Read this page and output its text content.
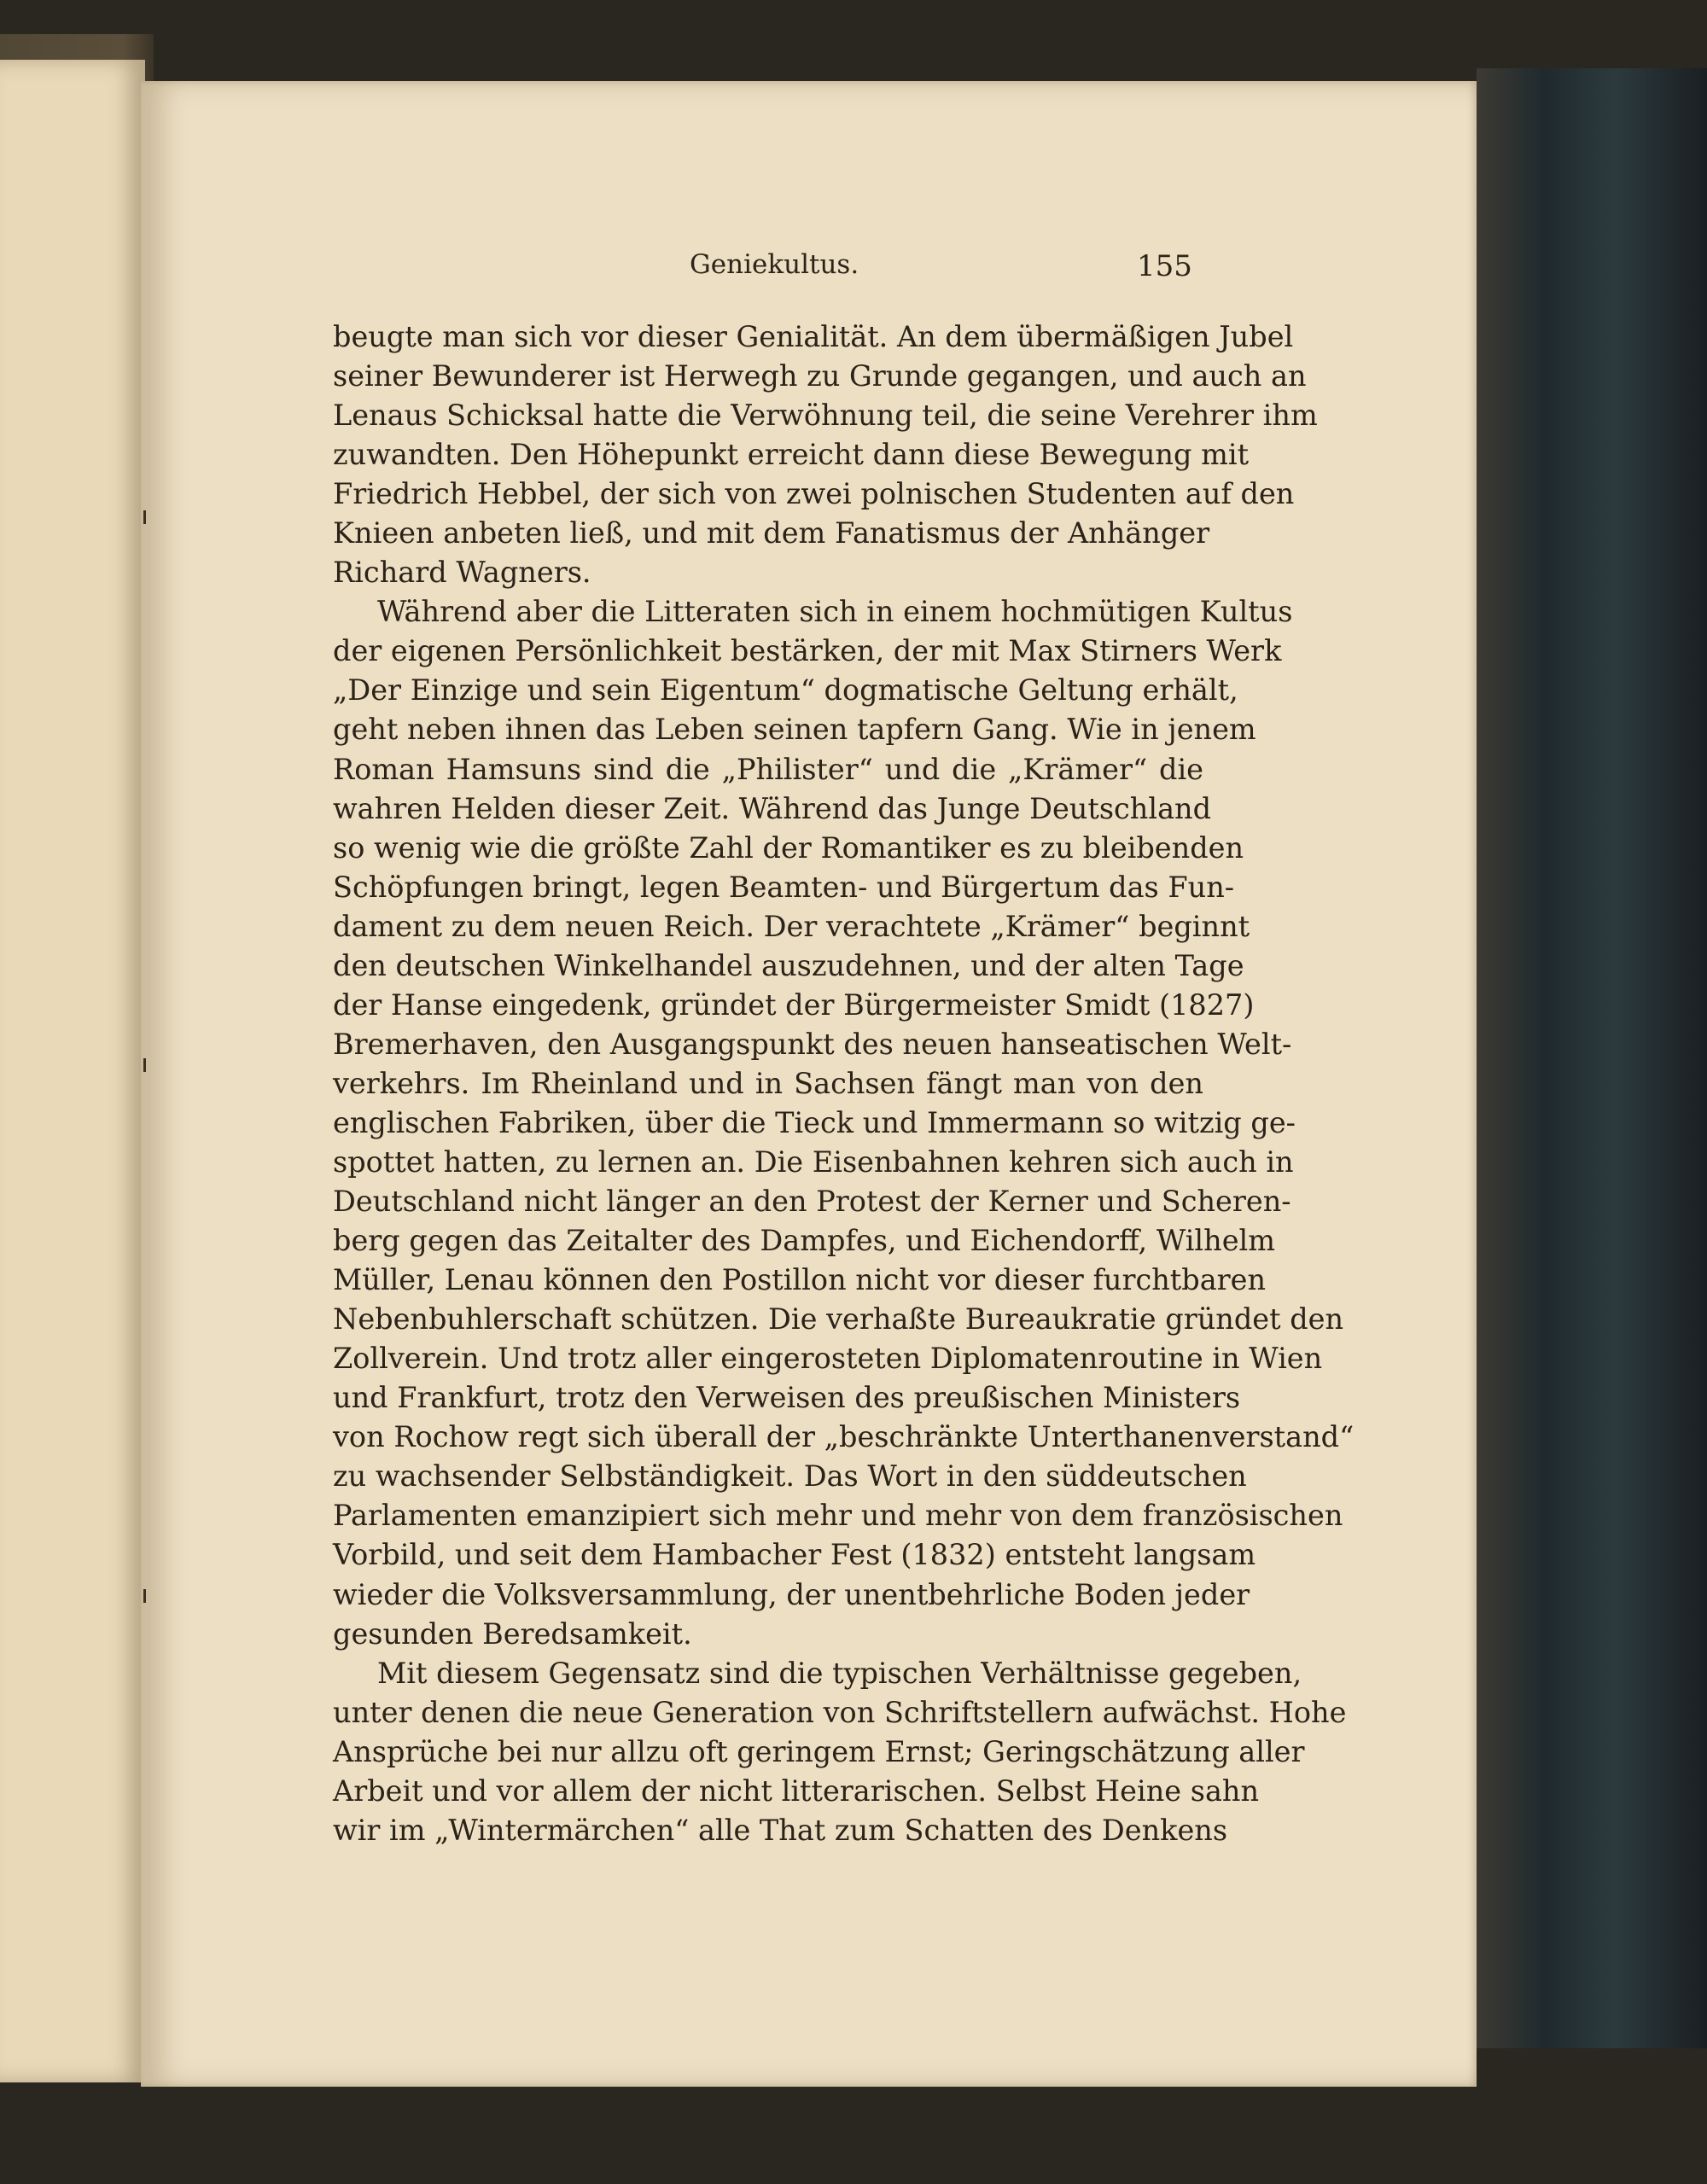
Geniekultus.	155
beugte man sich vor dieser Genialität. An dem übermäßigen Jubel
seiner Bewunderer ist Herwegh zu Grunde gegangen, und auch an
Lenaus Schicksal hatte die Verwöhnung teil, die seine Verehrer ihm
zuwandten. Den Höhepunkt erreicht dann diese Bewegung mit
Friedrich Hebbel, der sich von zwei polnischen Studenten auf den
Knieen anbeten ließ, und mit dem Fanatismus der Anhänger
Richard Wagners.
Während aber die Litteraten sich in einem hochmütigen Kultus
der eigenen Persönlichkeit bestärken, der mit Max Stirners Werk
„Der Einzige und sein Eigentum“ dogmatische Geltung erhält,
geht neben ihnen das Leben seinen tapfern Gang. Wie in jenem
Roman Hamsuns sind die „Philister“ und die „Krämer“ die
wahren Helden dieser Zeit. Während das Junge Deutschland
so wenig wie die größte Zahl der Romantiker es zu bleibenden
Schöpfungen bringt, legen Beamten- und Bürgertum das Fun-
dament zu dem neuen Reich. Der verachtete „Krämer“ beginnt
den deutschen Winkelhandel auszudehnen, und der alten Tage
der Hanse eingedenk, gründet der Bürgermeister Smidt (1827)
Bremerhaven, den Ausgangspunkt des neuen hanseatischen Welt-
verkehrs. Im Rheinland und in Sachsen fängt man von den
englischen Fabriken, über die Tieck und Immermann so witzig ge-
spottet hatten, zu lernen an. Die Eisenbahnen kehren sich auch in
Deutschland nicht länger an den Protest der Kerner und Scheren-
berg gegen das Zeitalter des Dampfes, und Eichendorff, Wilhelm
Müller, Lenau können den Postillon nicht vor dieser furchtbaren
Nebenbuhlerschaft schützen. Die verhaßte Bureaukratie gründet den
Zollverein. Und trotz aller eingerosteten Diplomatenroutine in Wien
und Frankfurt, trotz den Verweisen des preußischen Ministers
von Rochow regt sich überall der „beschränkte Unterthanenverstand“
zu wachsender Selbständigkeit. Das Wort in den süddeutschen
Parlamenten emanzipiert sich mehr und mehr von dem französischen
Vorbild, und seit dem Hambacher Fest (1832) entsteht langsam
wieder die Volksversammlung, der unentbehrliche Boden jeder
gesunden Beredsamkeit.
Mit diesem Gegensatz sind die typischen Verhältnisse gegeben,
unter denen die neue Generation von Schriftstellern aufwächst. Hohe
Ansprüche bei nur allzu oft geringem Ernst; Geringschätzung aller
Arbeit und vor allem der nicht litterarischen. Selbst Heine sahn
wir im „Wintermärchen“ alle That zum Schatten des Denkens
